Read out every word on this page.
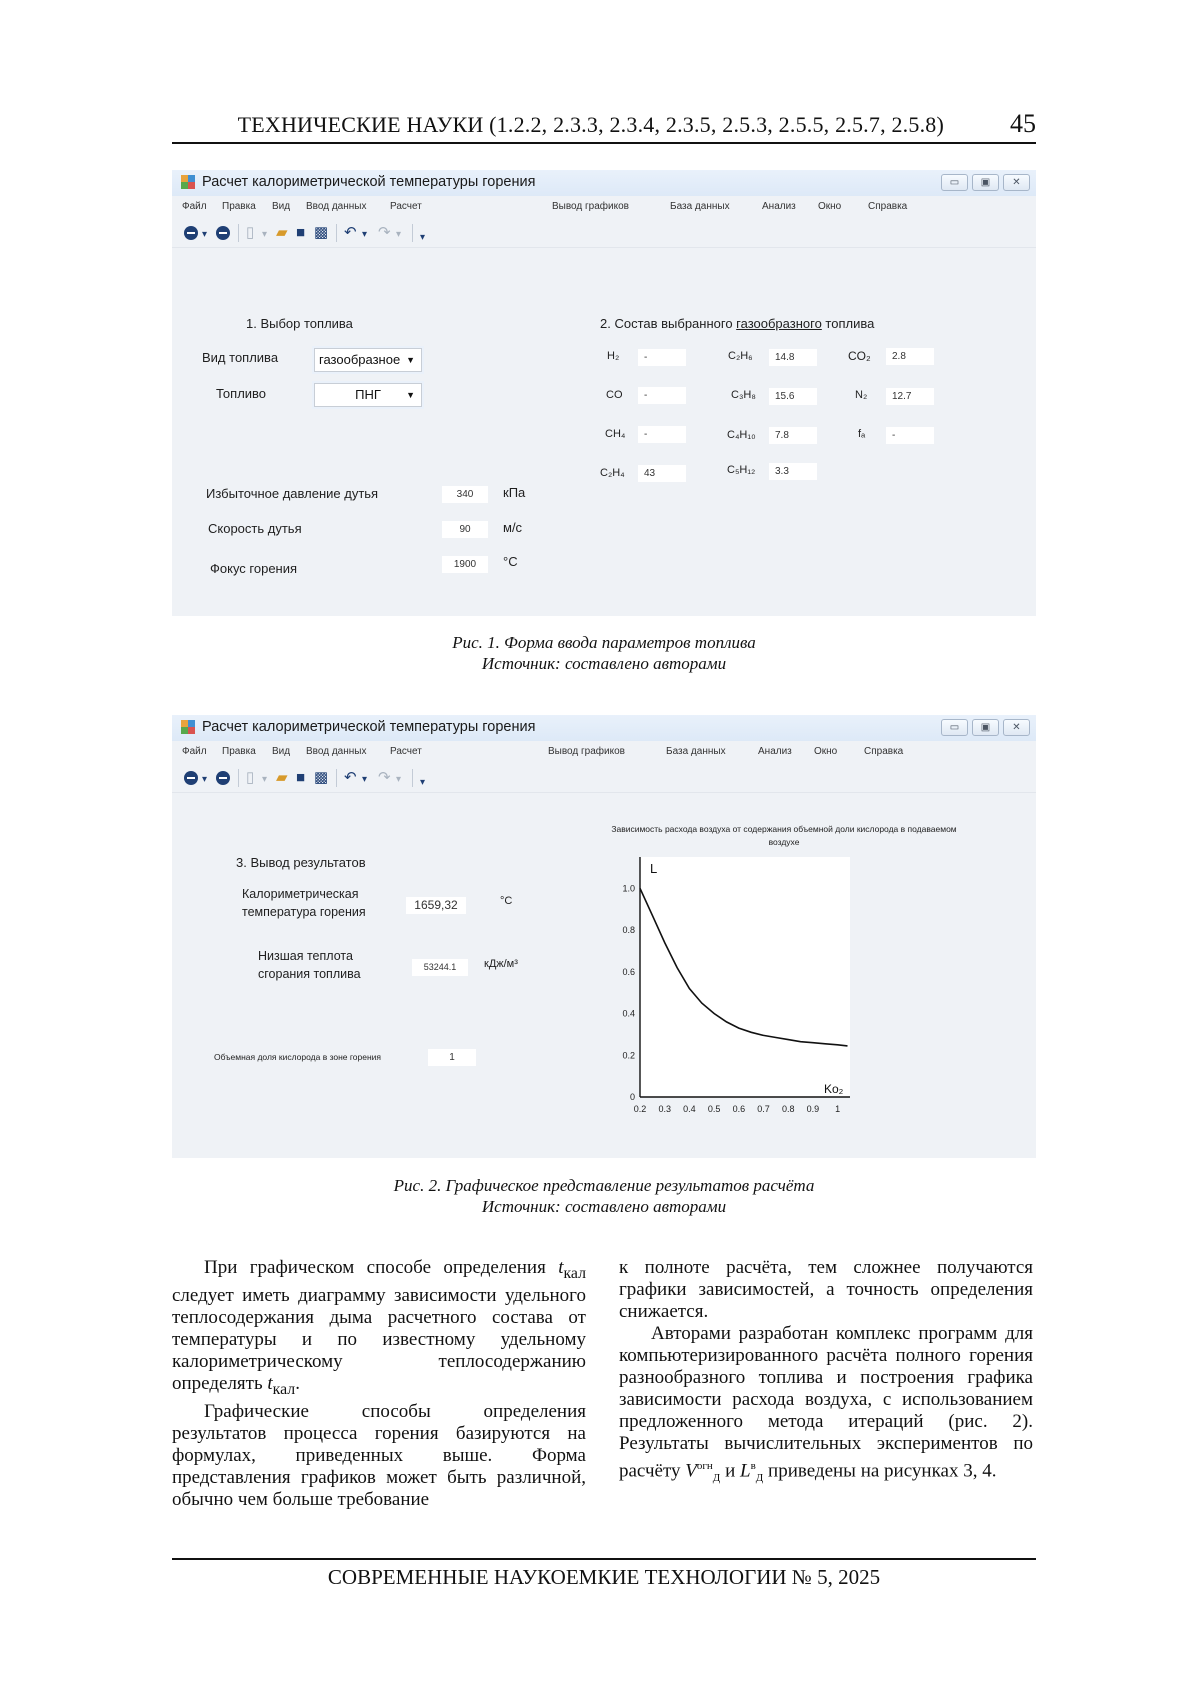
ТЕХНИЧЕСКИЕ НАУКИ (1.2.2, 2.3.3, 2.3.4, 2.3.5, 2.5.3, 2.5.5, 2.5.7, 2.5.8)	45
Расчет калориметрической температуры горения	▭	▣	✕
Файл Правка Вид Ввод данных Расчет	Вывод графиков	База данных	Анализ Окно	Справка
▾	▯ ▾ ▰ ■ ▩ ↶ ▾ ↷ ▾ ▾
1. Выбор топлива
Вид топлива	газообразное ▼
Топливо	ПНГ	▼
Избыточное давление дутья	340	кПа
Скорость дутья	90	м/с
Фокус горения	1900	°С
2. Состав выбранного газообразного топлива
H₂	-	C₂H₆	14.8	CO₂	2.8
CO	-	C₃H₈	15.6	N₂	12.7
CH₄	-	C₄H₁₀	7.8	fₐ	-
C₂H₄	43	C₅H₁₂	3.3
Рис. 1. Форма ввода параметров топлива
Источник: составлено авторами
Расчет калориметрической температуры горения	▭	▣	✕
Файл Правка Вид Ввод данных Расчет	Вывод графиков	База данных	Анализ Окно	Справка
▾	▯ ▾ ▰ ■ ▩ ↶ ▾ ↷ ▾ ▾
3. Вывод результатов
Калориметрическая
температура горения	1659,32	°С
Низшая теплота
сгорания топлива	53244.1	кДж/м³
Объемная доля кислорода в зоне горения	1
Зависимость расхода воздуха от содержания объемной доли кислорода в подаваемом воздухе
0
0.2
0.4
0.6
0.8
1.0
0.2 0.3 0.4 0.5 0.6 0.7 0.8 0.9 1
L
Ko₂
Рис. 2. Графическое представление результатов расчёта
Источник: составлено авторами

При графическом способе определения $t_{кал}$ следует иметь диаграмму зависимости удельного теплосодержания дыма расчетного состава от температуры и по известному удельному калориметрическому теплосодержанию определять $t_{кал}$.

Графические способы определения результатов процесса горения базируются на формулах, приведенных выше. Форма представления графиков может быть различной, обычно чем больше требование

к полноте расчёта, тем сложнее получаются графики зависимостей, а точность определения снижается.

Авторами разработан комплекс программ для компьютеризированного расчёта полного горения разнообразного топлива и построения графика зависимости расхода воздуха, с использованием предложенного метода итераций (рис. 2). Результаты вычислительных экспериментов по расчёту $V^{огн}_Д$ и $L^в_Д$ приведены на рисунках 3, 4.

СОВРЕМЕННЫЕ НАУКОЕМКИЕ ТЕХНОЛОГИИ № 5, 2025
